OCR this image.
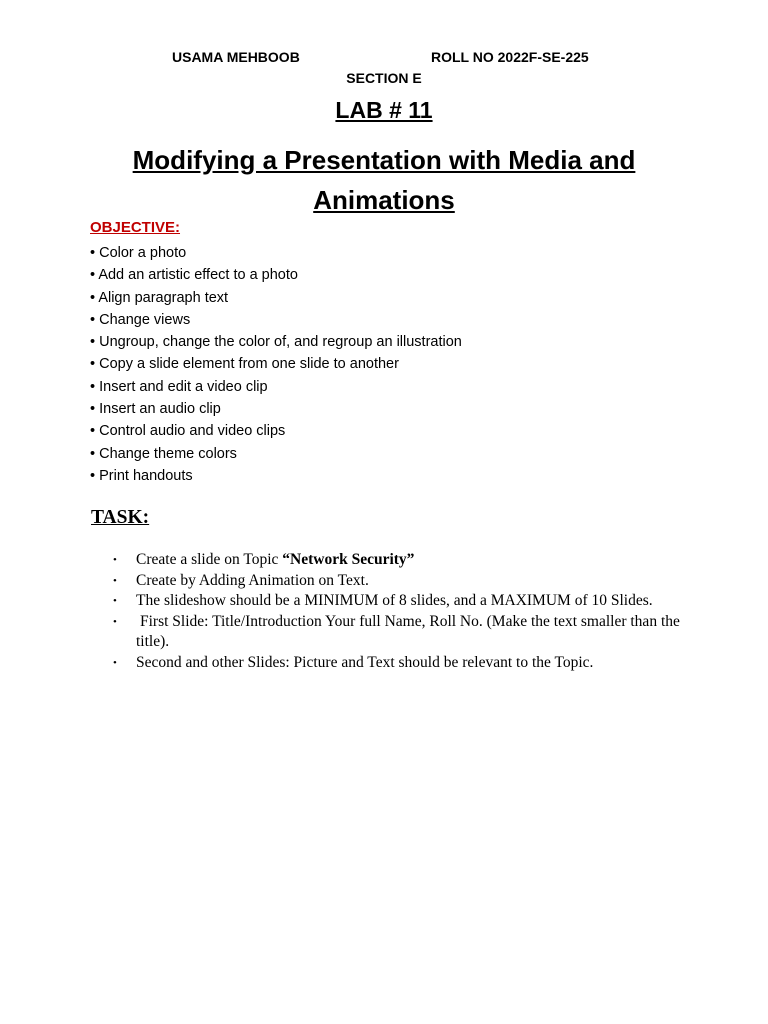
USAMA MEHBOOB	ROLL NO 2022F-SE-225

SECTION E

LAB # 11
Modifying a Presentation with Media and Animations

OBJECTIVE:

• Color a photo
• Add an artistic effect to a photo
• Align paragraph text
• Change views
• Ungroup, change the color of, and regroup an illustration
• Copy a slide element from one slide to another
• Insert and edit a video clip
• Insert an audio clip
• Control audio and video clips
• Change theme colors
• Print handouts

TASK:

• Create a slide on Topic “Network Security”
• Create by Adding Animation on Text.
• The slideshow should be a MINIMUM of 8 slides, and a MAXIMUM of 10 Slides.
• First Slide: Title/Introduction Your full Name, Roll No. (Make the text smaller than the title).
• Second and other Slides: Picture and Text should be relevant to the Topic.
